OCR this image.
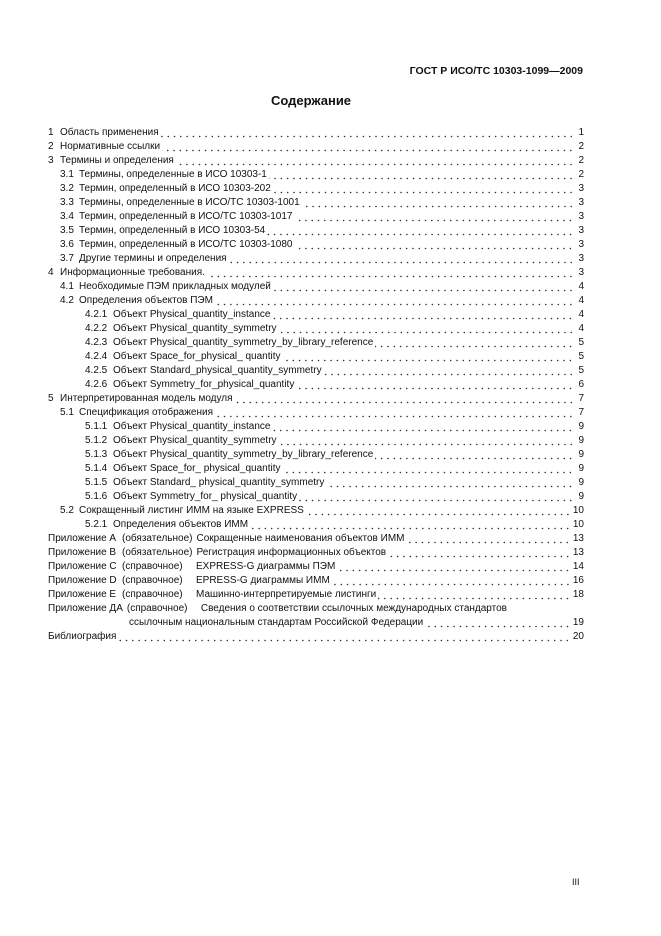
ГОСТ Р ИСО/ТС 10303-1099—2009
Содержание
1 Область применения	1
2 Нормативные ссылки	2
3 Термины и определения	2
3.1 Термины, определенные в ИСО 10303-1	2
3.2 Термин, определенный в ИСО 10303-202	3
3.3 Термины, определенные в ИСО/ТС 10303-1001	3
3.4 Термин, определенный в ИСО/ТС 10303-1017	3
3.5 Термин, определенный в ИСО 10303-54	3
3.6 Термин, определенный в ИСО/ТС 10303-1080	3
3.7 Другие термины и определения	3
4 Информационные требования.	3
4.1 Необходимые ПЭМ прикладных модулей	4
4.2 Определения объектов ПЭМ	4
4.2.1 Объект Physical_quantity_instance	4
4.2.2 Объект Physical_quantity_symmetry	4
4.2.3 Объект Physical_quantity_symmetry_by_library_reference	5
4.2.4 Объект Space_for_physical_ quantity	5
4.2.5 Объект Standard_physical_quantity_symmetry	5
4.2.6 Объект Symmetry_for_physical_quantity	6
5 Интерпретированная модель модуля	7
5.1 Спецификация отображения	7
5.1.1 Объект Physical_quantity_instance	9
5.1.2 Объект Physical_quantity_symmetry	9
5.1.3 Объект Physical_quantity_symmetry_by_library_reference	9
5.1.4 Объект Space_for_ physical_quantity	9
5.1.5 Объект Standard_ physical_quantity_symmetry	9
5.1.6 Объект Symmetry_for_ physical_quantity	9
5.2 Сокращенный листинг ИММ на языке EXPRESS	10
5.2.1 Определения объектов ИММ	10
Приложение А (обязательное) Сокращенные наименования объектов ИММ	13
Приложение В (обязательное) Регистрация информационных объектов	13
Приложение С (справочное)	EXPRESS-G диаграммы ПЭМ	14
Приложение D (справочное)	EPRESS-G диаграммы ИММ	16
Приложение Е (справочное)	Машинно-интерпретируемые листинги	18
Приложение ДА (справочное)	Сведения о соответствии ссылочных международных стандартов
ссылочным национальным стандартам Российской Федерации	19
Библиография	20
III
